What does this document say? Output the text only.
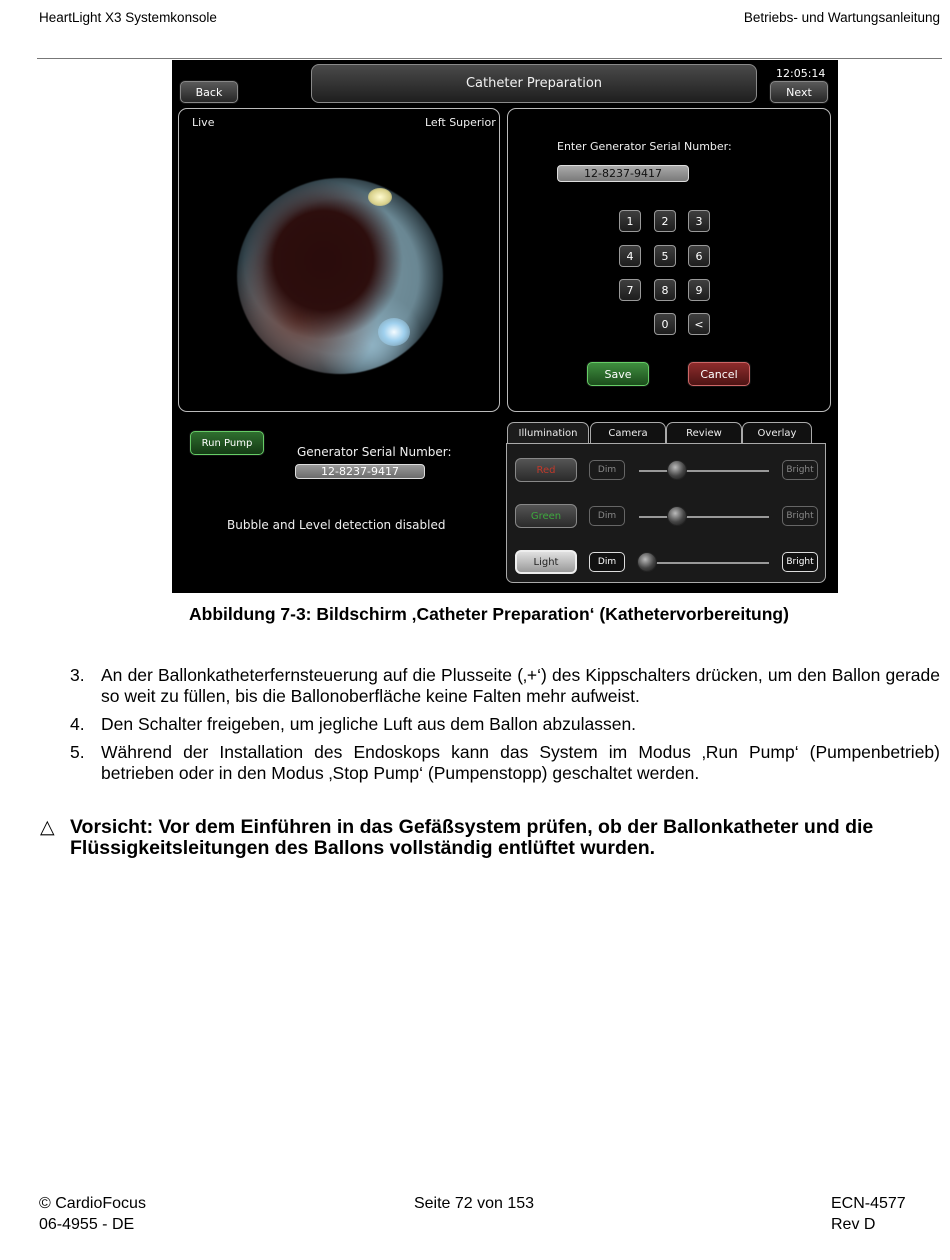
HeartLight X3 Systemkonsole	Betriebs- und Wartungsanleitung
Back
Catheter Preparation
12:05:14
Next
Live	Left Superior
Enter Generator Serial Number:
12-8237-9417
1	2	3
4	5	6
7	8	9
0	<
Save	Cancel
Run Pump
Generator Serial Number:
12-8237-9417
Bubble and Level detection disabled
Illumination	Camera	Review	Overlay
Red	Dim	Bright
Green	Dim	Bright
Light	Dim	Bright
Abbildung 7-3: Bildschirm ‚Catheter Preparation‘ (Kathetervorbereitung)
3. An der Ballonkatheterfernsteuerung auf die Plusseite (‚+‘) des Kippschalters drücken, um den Ballon gerade so weit zu füllen, bis die Ballonoberfläche keine Falten mehr aufweist.
4. Den Schalter freigeben, um jegliche Luft aus dem Ballon abzulassen.
5. Während der Installation des Endoskops kann das System im Modus ‚Run Pump‘ (Pumpenbetrieb) betrieben oder in den Modus ‚Stop Pump‘ (Pumpenstopp) geschaltet werden.
△ Vorsicht: Vor dem Einführen in das Gefäßsystem prüfen, ob der Ballonkatheter und die Flüssigkeitsleitungen des Ballons vollständig entlüftet wurden.
© CardioFocus
06-4955 - DE
Seite 72 von 153	ECN-4577
Rev D
